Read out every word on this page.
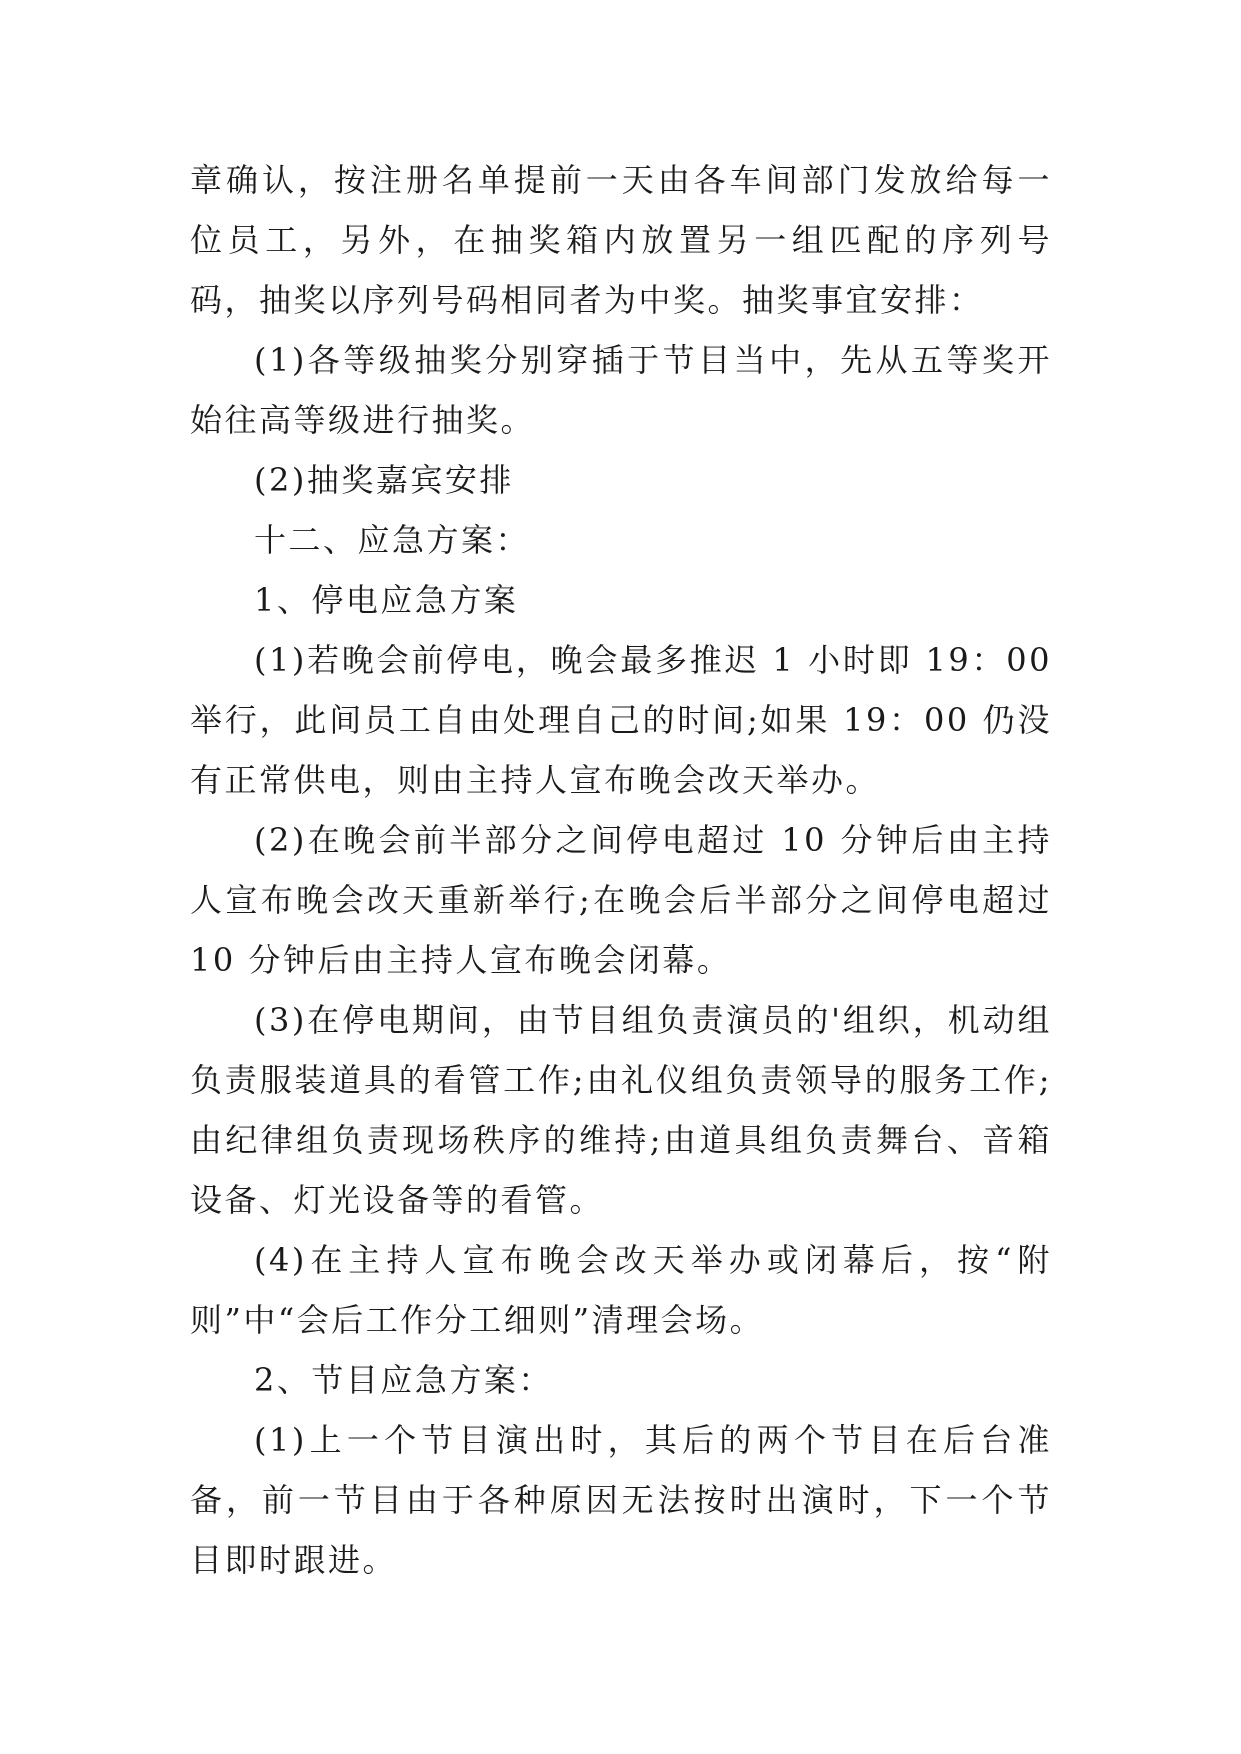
章确认，按注册名单提前一天由各车间部门发放给每一位员工，另外，在抽奖箱内放置另一组匹配的序列号码，抽奖以序列号码相同者为中奖。抽奖事宜安排：

(1)各等级抽奖分别穿插于节目当中，先从五等奖开始往高等级进行抽奖。

(2)抽奖嘉宾安排

十二、应急方案：

1、停电应急方案

(1)若晚会前停电，晚会最多推迟 1 小时即 19：00 举行，此间员工自由处理自己的时间;如果 19：00 仍没有正常供电，则由主持人宣布晚会改天举办。

(2)在晚会前半部分之间停电超过 10 分钟后由主持人宣布晚会改天重新举行;在晚会后半部分之间停电超过 10 分钟后由主持人宣布晚会闭幕。

(3)在停电期间，由节目组负责演员的'组织，机动组负责服装道具的看管工作;由礼仪组负责领导的服务工作;由纪律组负责现场秩序的维持;由道具组负责舞台、音箱设备、灯光设备等的看管。

(4)在主持人宣布晚会改天举办或闭幕后，按“附则”中“会后工作分工细则”清理会场。

2、节目应急方案：

(1)上一个节目演出时，其后的两个节目在后台准备，前一节目由于各种原因无法按时出演时，下一个节目即时跟进。
